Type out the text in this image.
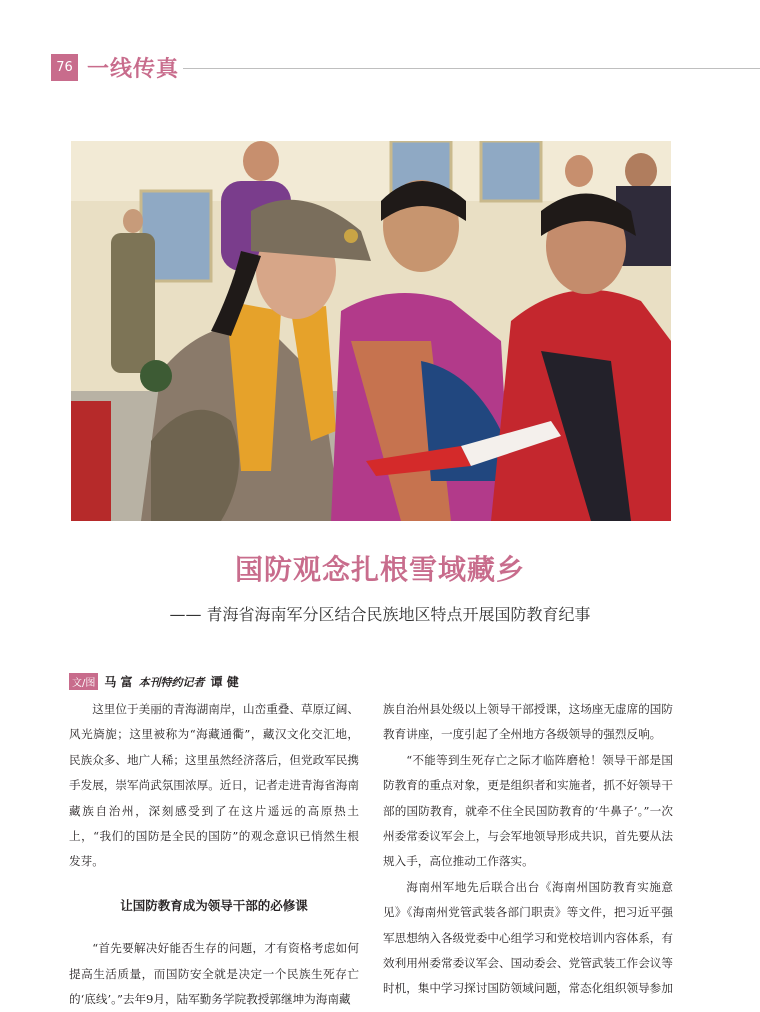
76 一线传真
国防观念扎根雪域藏乡
—— 青海省海南军分区结合民族地区特点开展国防教育纪事
文/图 马 富 本刊特约记者 谭 健

这里位于美丽的青海湖南岸，山峦重叠、草原辽阔、风光旖旎；这里被称为“海藏通衢”，藏汉文化交汇地，民族众多、地广人稀；这里虽然经济落后，但党政军民携手发展，崇军尚武氛围浓厚。近日，记者走进青海省海南藏族自治州，深刻感受到了在这片遥远的高原热土上，“我们的国防是全民的国防”的观念意识已悄然生根发芽。

让国防教育成为领导干部的必修课

“首先要解决好能否生存的问题，才有资格考虑如何提高生活质量，而国防安全就是决定一个民族生死存亡的‘底线’。”去年9月，陆军勤务学院教授郭继坤为海南藏

族自治州县处级以上领导干部授课，这场座无虚席的国防教育讲座，一度引起了全州地方各级领导的强烈反响。

“不能等到生死存亡之际才临阵磨枪！领导干部是国防教育的重点对象，更是组织者和实施者，抓不好领导干部的国防教育，就牵不住全民国防教育的‘牛鼻子’。”一次州委常委议军会上，与会军地领导形成共识，首先要从法规入手，高位推动工作落实。

海南州军地先后联合出台《海南州国防教育实施意见》《海南州党管武装各部门职责》等文件，把习近平强军思想纳入各级党委中心组学习和党校培训内容体系，有效利用州委常委议军会、国动委会、党管武装工作会议等时机，集中学习探讨国防领域问题，常态化组织领导参加
